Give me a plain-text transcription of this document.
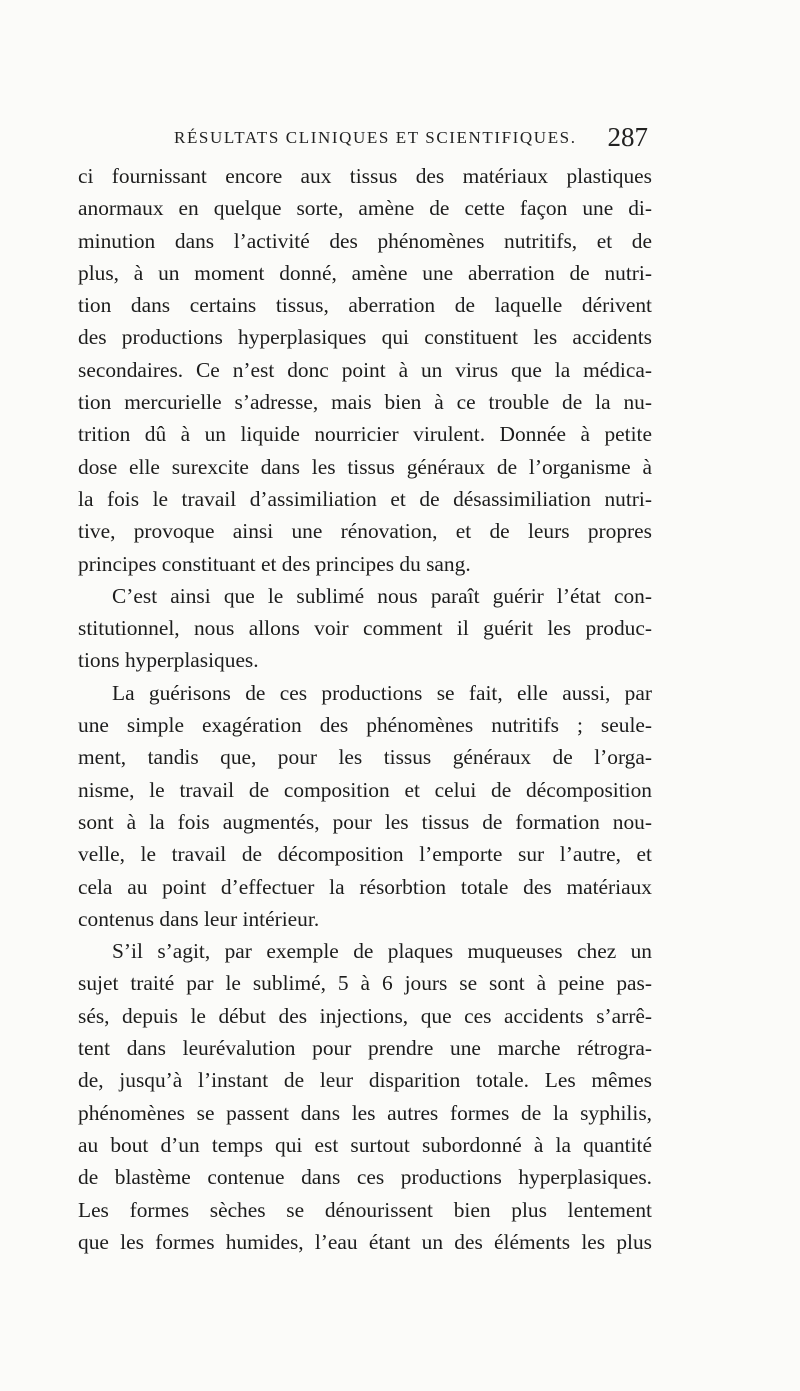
RÉSULTATS CLINIQUES ET SCIENTIFIQUES. 287
ci fournissant encore aux tissus des matériaux plastiques
anormaux en quelque sorte, amène de cette façon une di-
minution dans l’activité des phénomènes nutritifs, et de
plus, à un moment donné, amène une aberration de nutri-
tion dans certains tissus, aberration de laquelle dérivent
des productions hyperplasiques qui constituent les accidents
secondaires. Ce n’est donc point à un virus que la médica-
tion mercurielle s’adresse, mais bien à ce trouble de la nu-
trition dû à un liquide nourricier virulent. Donnée à petite
dose elle surexcite dans les tissus généraux de l’organisme à
la fois le travail d’assimiliation et de désassimiliation nutri-
tive, provoque ainsi une rénovation, et de leurs propres
principes constituant et des principes du sang.
C’est ainsi que le sublimé nous paraît guérir l’état con-
stitutionnel, nous allons voir comment il guérit les produc-
tions hyperplasiques.
La guérisons de ces productions se fait, elle aussi, par
une simple exagération des phénomènes nutritifs ; seule-
ment, tandis que, pour les tissus généraux de l’orga-
nisme, le travail de composition et celui de décomposition
sont à la fois augmentés, pour les tissus de formation nou-
velle, le travail de décomposition l’emporte sur l’autre, et
cela au point d’effectuer la résorbtion totale des matériaux
contenus dans leur intérieur.
S’il s’agit, par exemple de plaques muqueuses chez un
sujet traité par le sublimé, 5 à 6 jours se sont à peine pas-
sés, depuis le début des injections, que ces accidents s’arrê-
tent dans leurévalution pour prendre une marche rétrogra-
de, jusqu’à l’instant de leur disparition totale. Les mêmes
phénomènes se passent dans les autres formes de la syphilis,
au bout d’un temps qui est surtout subordonné à la quantité
de blastème contenue dans ces productions hyperplasiques.
Les formes sèches se dénourissent bien plus lentement
que les formes humides, l’eau étant un des éléments les plus
